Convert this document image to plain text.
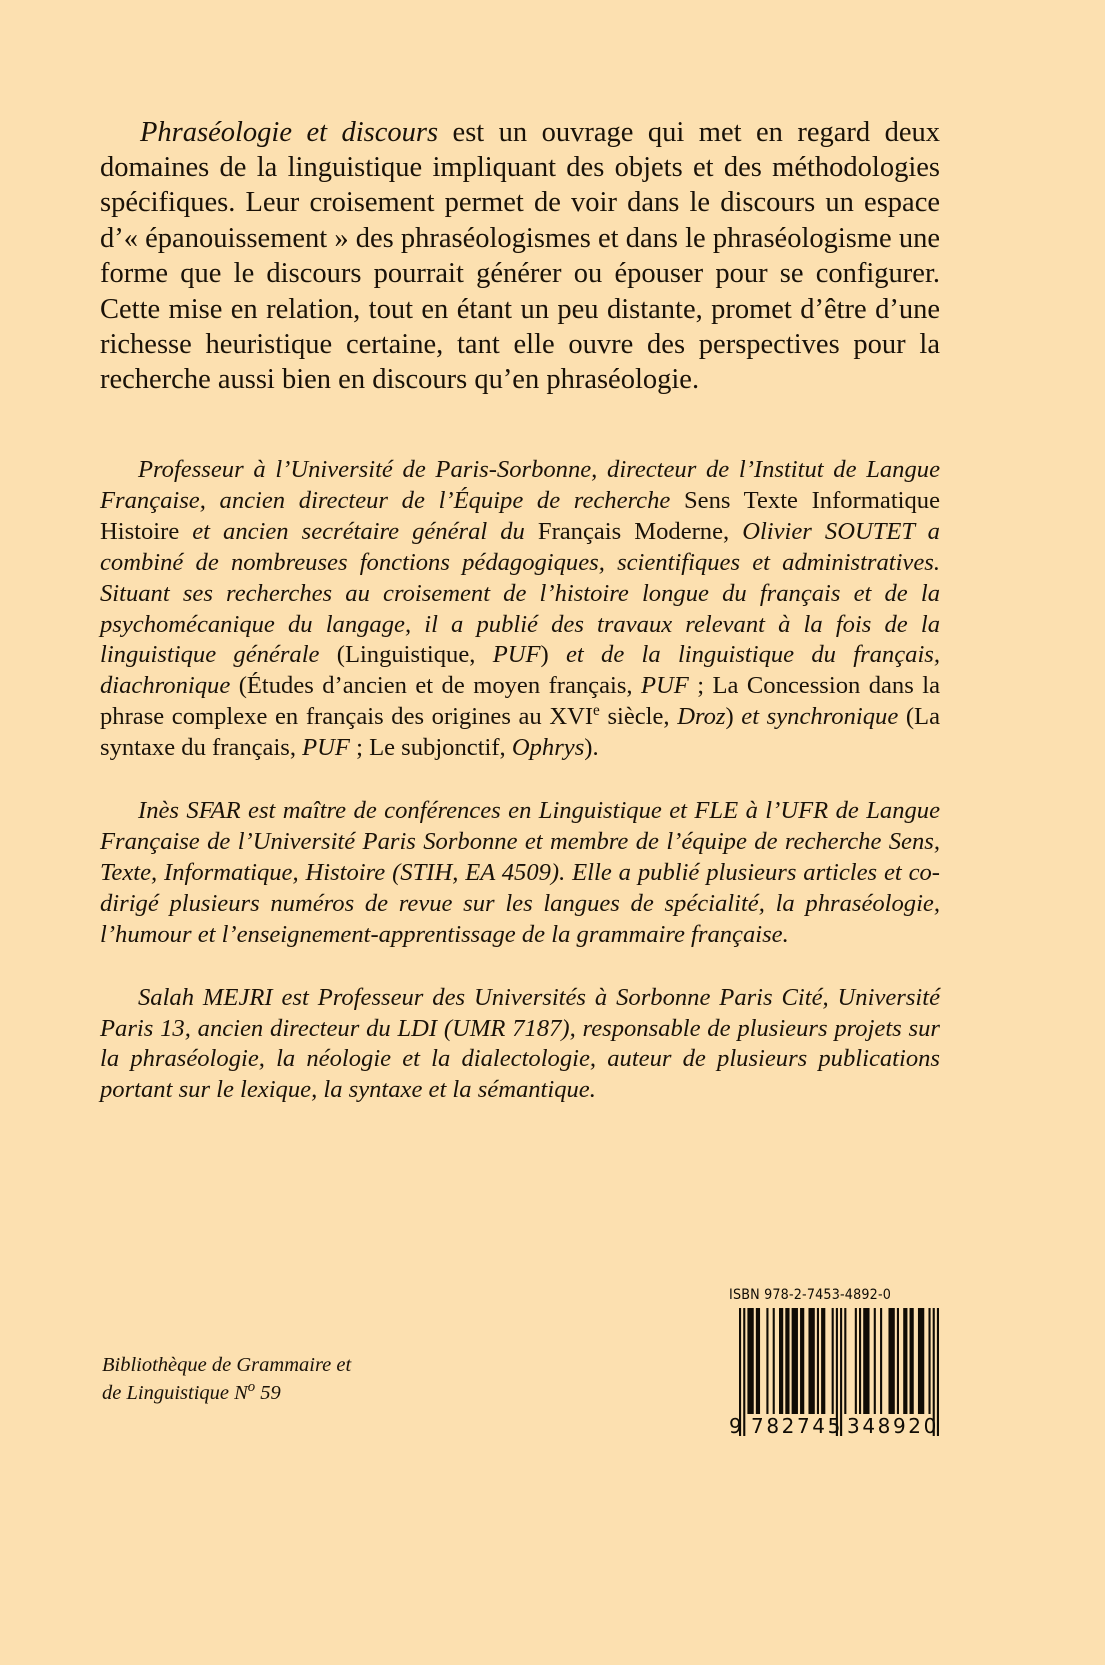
Phraséologie et discours est un ouvrage qui met en regard deux domaines de la linguistique impliquant des objets et des méthodologies spécifiques. Leur croisement permet de voir dans le discours un espace d’« épanouissement » des phraséologismes et dans le phraséologisme une forme que le discours pourrait générer ou épouser pour se configurer. Cette mise en relation, tout en étant un peu distante, promet d’être d’une richesse heuristique certaine, tant elle ouvre des perspectives pour la recherche aussi bien en discours qu’en phraséologie.

Professeur à l’Université de Paris-Sorbonne, directeur de l’Institut de Langue Française, ancien directeur de l’Équipe de recherche Sens Texte Informatique Histoire et ancien secrétaire général du Français Moderne, Olivier SOUTET a combiné de nombreuses fonctions pédagogiques, scientifiques et administratives. Situant ses recherches au croisement de l’histoire longue du français et de la psychomécanique du langage, il a publié des travaux relevant à la fois de la linguistique générale (Linguistique, PUF) et de la linguistique du français, diachronique (Études d’ancien et de moyen français, PUF ; La Concession dans la phrase complexe en français des origines au XVIe siècle, Droz) et synchronique (La syntaxe du français, PUF ; Le subjonctif, Ophrys).

Inès SFAR est maître de conférences en Linguistique et FLE à l’UFR de Langue Française de l’Université Paris Sorbonne et membre de l’équipe de recherche Sens, Texte, Informatique, Histoire (STIH, EA 4509). Elle a publié plusieurs articles et co-dirigé plusieurs numéros de revue sur les langues de spécialité, la phraséologie, l’humour et l’enseignement-apprentissage de la grammaire française.

Salah MEJRI est Professeur des Universités à Sorbonne Paris Cité, Université Paris 13, ancien directeur du LDI (UMR 7187), responsable de plusieurs projets sur la phraséologie, la néologie et la dialectologie, auteur de plusieurs publications portant sur le lexique, la syntaxe et la sémantique.

Bibliothèque de Grammaire et
de Linguistique $N^o$ 59
ISBN 978-2-7453-4892-0
9 782745 348920
